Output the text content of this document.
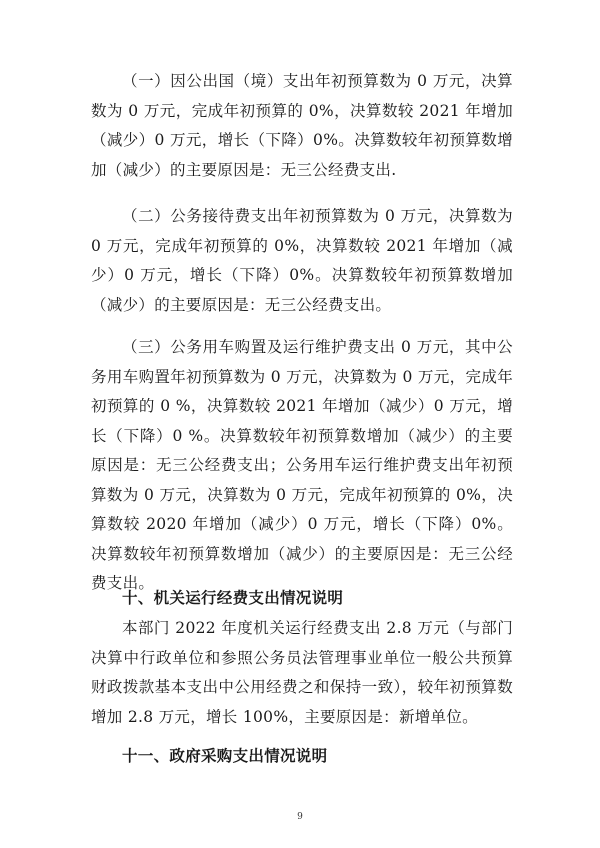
（一）因公出国（境）支出年初预算数为 0 万元，决算数为 0 万元，完成年初预算的 0%，决算数较 2021 年增加（减少）0 万元，增长（下降）0%。决算数较年初预算数增加（减少）的主要原因是：无三公经费支出.

（二）公务接待费支出年初预算数为 0 万元，决算数为 0 万元，完成年初预算的 0%，决算数较 2021 年增加（减少）0 万元，增长（下降）0%。决算数较年初预算数增加（减少）的主要原因是：无三公经费支出。

（三）公务用车购置及运行维护费支出 0 万元，其中公务用车购置年初预算数为 0 万元，决算数为 0 万元，完成年初预算的 0 %，决算数较 2021 年增加（减少）0 万元，增长（下降）0 %。决算数较年初预算数增加（减少）的主要原因是：无三公经费支出；公务用车运行维护费支出年初预算数为 0 万元，决算数为 0 万元，完成年初预算的 0%，决算数较 2020 年增加（减少）0 万元，增长（下降）0%。决算数较年初预算数增加（减少）的主要原因是：无三公经费支出。

十、机关运行经费支出情况说明

本部门 2022 年度机关运行经费支出 2.8 万元（与部门决算中行政单位和参照公务员法管理事业单位一般公共预算财政拨款基本支出中公用经费之和保持一致），较年初预算数增加 2.8 万元，增长 100%，主要原因是：新增单位。

十一、政府采购支出情况说明

9
